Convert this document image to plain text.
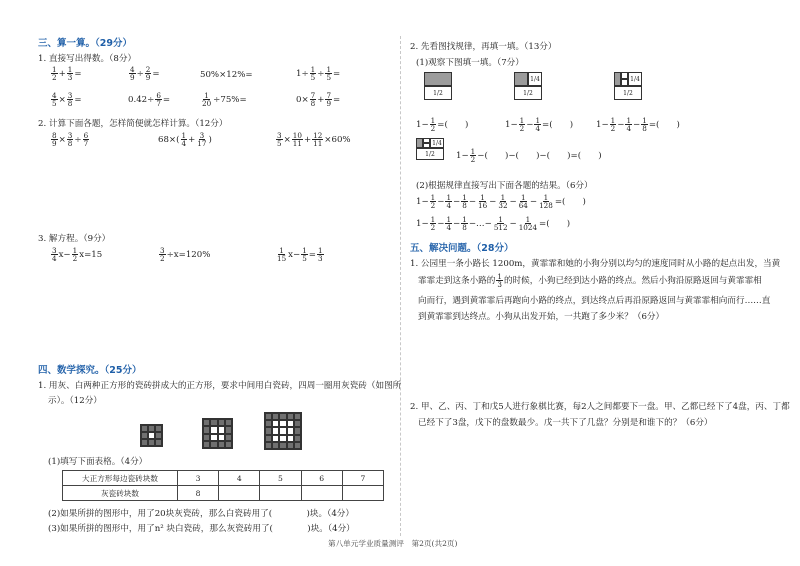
三、算一算。（29分）
1. 直接写出得数。（8分）
$\frac{1}{2} + \frac{1}{3}$ =	$\frac{4}{9} \div \frac{2}{9}$ =	50%×12%=	$1\div \frac{1}{5} \div \frac{1}{5}$ =
$\frac{4}{5} \times \frac{3}{8}$ =	$0.42\div \frac{6}{7}$ =	$\frac{1}{20} \div 75\%=$	$0\times \frac{7}{8} + \frac{7}{9}$ =
2. 计算下面各题，怎样简便就怎样计算。（12分）
$\frac{8}{9} \times \frac{3}{8} \div \frac{6}{7}$	$68\times( \frac{1}{4} + \frac{3}{17}$ )	$\frac{3}{5} \times \frac{10}{11} + \frac{12}{11} \times 60\%$
3. 解方程。（9分）
$\frac{3}{4} x- \frac{1}{2} x=15$	$\frac{3}{2} \div x=120\%$	$\frac{1}{15} x- \frac{1}{5} = \frac{1}{3}$
四、数学探究。（25分）
1. 用灰、白两种正方形的瓷砖拼成大的正方形，要求中间用白瓷砖，四周一圈用灰瓷砖（如图所
示）。（12分）
(1)填写下面表格。（4分）
大正方形每边瓷砖块数	3	4	5	6	7
灰瓷砖块数	8				
(2)如果所拼的图形中，用了20块灰瓷砖，那么白瓷砖用了(　　　　)块。（4分）
(3)如果所拼的图形中，用了n² 块白瓷砖，那么灰瓷砖用了(　　　　)块。（4分）
2. 先看图找规律，再填一填。（13分）
(1)观察下图填一填。（7分）
1/2
1/4
1/2
1/4
1/2
1/4
1/2
$1- \frac{1}{2}$ =(　　)	$1- \frac{1}{2} - \frac{1}{4}$ =(　　)	$1- \frac{1}{2} - \frac{1}{4} - \frac{1}{8}$ =(　　)
$1- \frac{1}{2}$ −(　　)−(　　)−(　　)=(　　)
(2)根据规律直接写出下面各题的结果。（6分）
$1- \frac{1}{2} - \frac{1}{4} - \frac{1}{8} - \frac{1}{16} - \frac{1}{32} - \frac{1}{64} - \frac{1}{128}$ =(　　)
$1- \frac{1}{2} - \frac{1}{4} - \frac{1}{8}$ −…− $\frac{1}{512} - \frac{1}{1024}$ =(　　)
五、解决问题。（28分）
1. 公园里一条小路长 1200m，黄霏霏和她的小狗分别以均匀的速度同时从小路的起点出发，当黄
霏霏走到这条小路的 $\frac{1}{3}$ 的时候，小狗已经到达小路的终点。然后小狗沿原路返回与黄霏霏相
向而行，遇到黄霏霏后再跑向小路的终点，到达终点后再沿原路返回与黄霏霏相向而行……直
到黄霏霏到达终点。小狗从出发开始，一共跑了多少米？（6分）
2. 甲、乙、丙、丁和戊5人进行象棋比赛，每2人之间都要下一盘。甲、乙都已经下了4盘，丙、丁都
已经下了3盘，戊下的盘数最少。戊一共下了几盘？分别是和谁下的？（6分）
第八单元学业质量测评　第2页(共2页)
